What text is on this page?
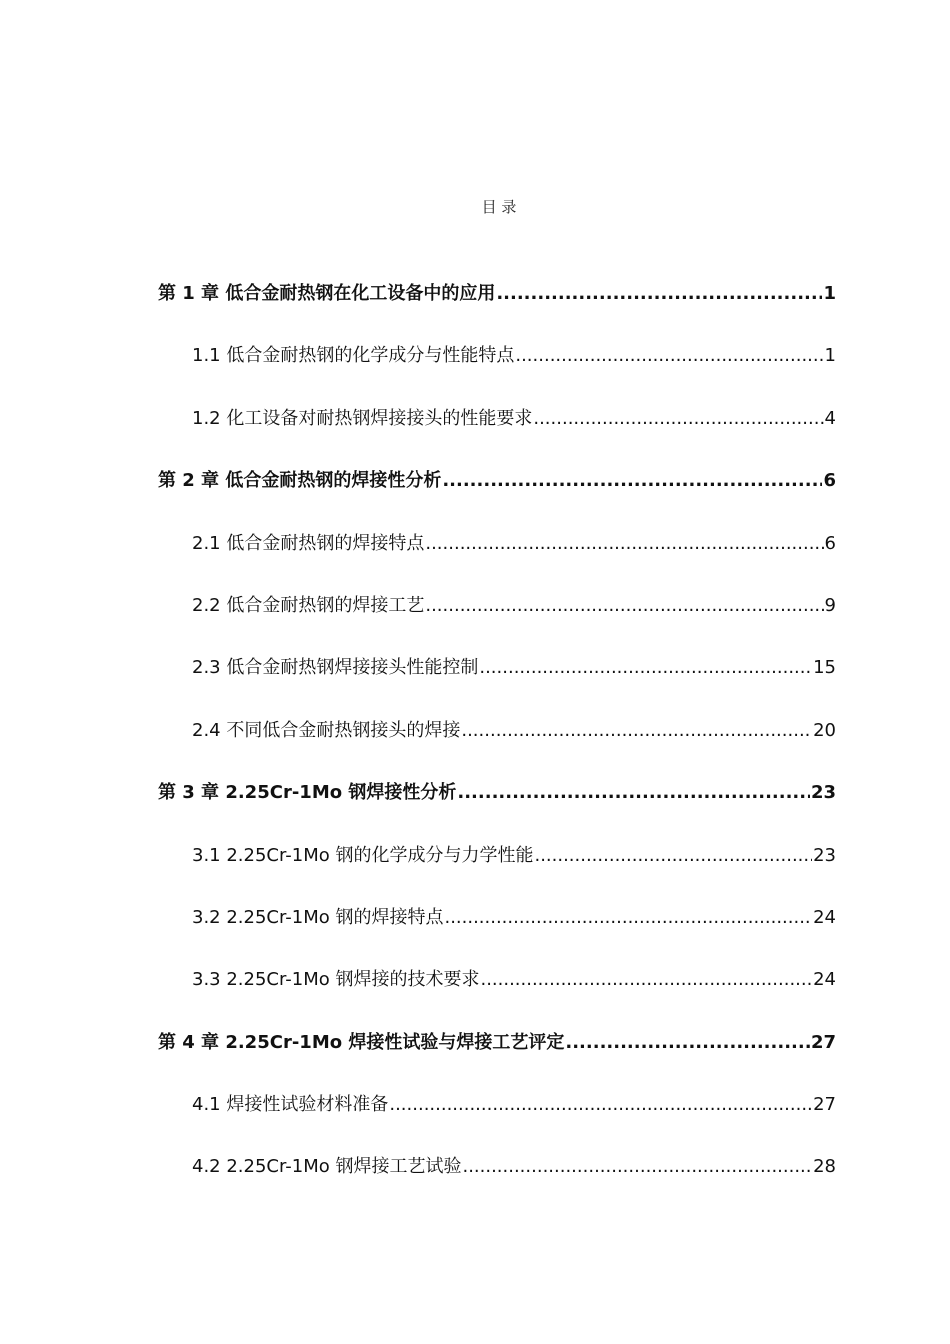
目 录
第 1 章 低合金耐热钢在化工设备中的应用 .....	1
1.1 低合金耐热钢的化学成分与性能特点 .....	1
1.2 化工设备对耐热钢焊接接头的性能要求 .....	4
第 2 章 低合金耐热钢的焊接性分析 .....	6
2.1 低合金耐热钢的焊接特点 .....	6
2.2 低合金耐热钢的焊接工艺 .....	9
2.3 低合金耐热钢焊接接头性能控制 .....	15
2.4 不同低合金耐热钢接头的焊接 .....	20
第 3 章 2.25Cr-1Mo 钢焊接性分析 .....	23
3.1 2.25Cr-1Mo 钢的化学成分与力学性能 .....	23
3.2 2.25Cr-1Mo 钢的焊接特点 .....	24
3.3 2.25Cr-1Mo 钢焊接的技术要求 .....	24
第 4 章 2.25Cr-1Mo 焊接性试验与焊接工艺评定 .....	27
4.1 焊接性试验材料准备 .....	27
4.2 2.25Cr-1Mo 钢焊接工艺试验 .....	28
